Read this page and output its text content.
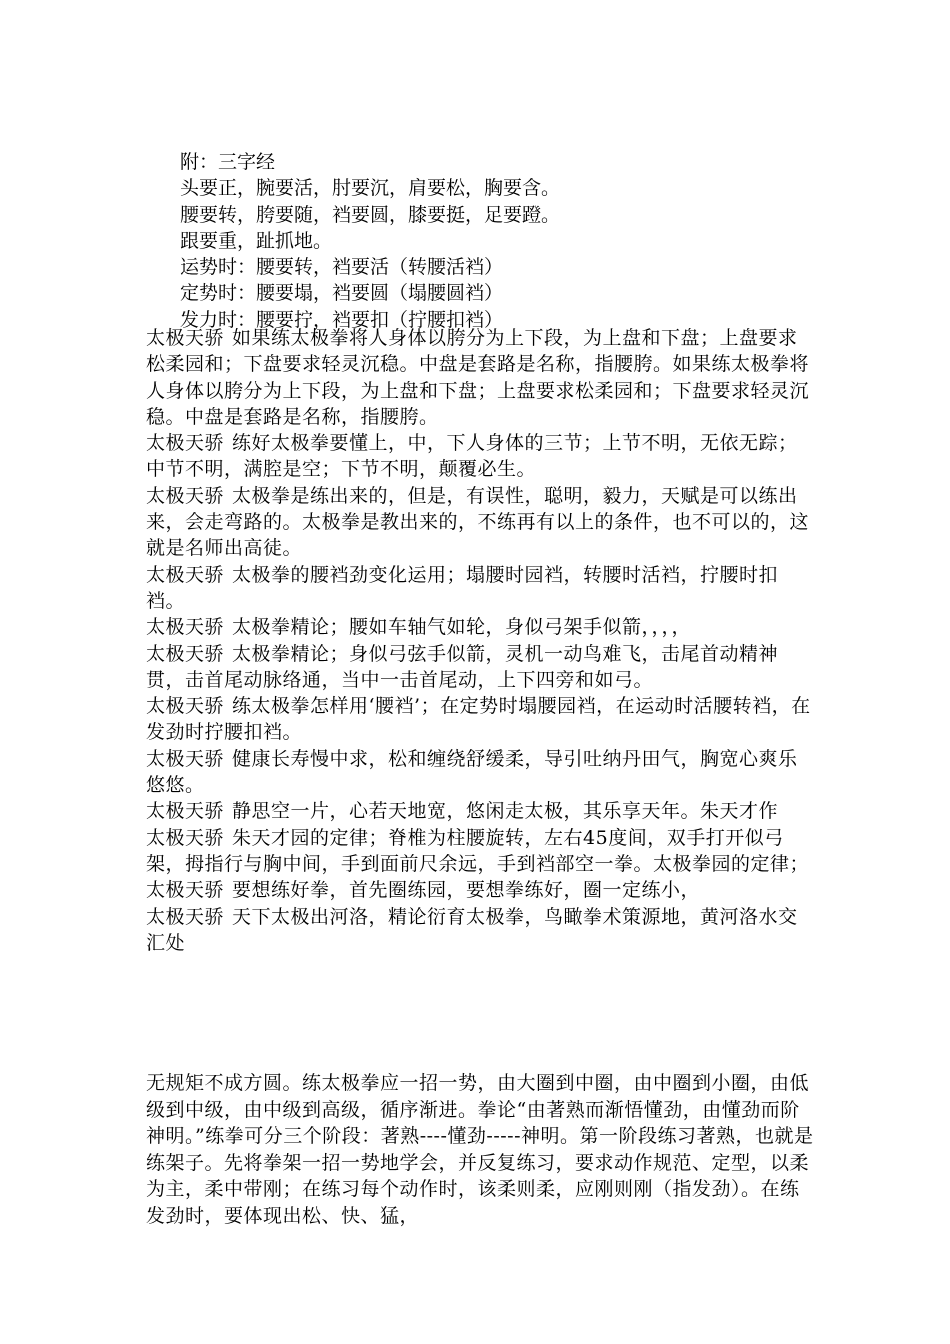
附：三字经
头要正，腕要活，肘要沉，肩要松，胸要含。
腰要转，胯要随，裆要圆，膝要挺，足要蹬。
跟要重，趾抓地。
运势时：腰要转，裆要活（转腰活裆）
定势时：腰要塌，裆要圆（塌腰圆裆）
发力时：腰要拧，裆要扣（拧腰扣裆）
太极天骄 如果练太极拳将人身体以胯分为上下段，为上盘和下盘；上盘要求松柔园和；下盘要求轻灵沉稳。中盘是套路是名称，指腰胯。如果练太极拳将人身体以胯分为上下段，为上盘和下盘；上盘要求松柔园和；下盘要求轻灵沉稳。中盘是套路是名称，指腰胯。
太极天骄 练好太极拳要懂上，中，下人身体的三节；上节不明，无依无踪；中节不明，满腔是空；下节不明，颠覆必生。
太极天骄 太极拳是练出来的，但是，有误性，聪明，毅力，天赋是可以练出来，会走弯路的。太极拳是教出来的，不练再有以上的条件，也不可以的，这就是名师出高徒。
太极天骄 太极拳的腰裆劲变化运用；塌腰时园裆，转腰时活裆，拧腰时扣裆。
太极天骄 太极拳精论；腰如车轴气如轮，身似弓架手似箭，，，，
太极天骄 太极拳精论；身似弓弦手似箭，灵机一动鸟难飞，击尾首动精神贯，击首尾动脉络通，当中一击首尾动，上下四旁和如弓。
太极天骄 练太极拳怎样用‘腰裆’；在定势时塌腰园裆，在运动时活腰转裆，在发劲时拧腰扣裆。
太极天骄 健康长寿慢中求，松和缠绕舒缓柔，导引吐纳丹田气，胸宽心爽乐悠悠。
太极天骄 静思空一片，心若天地宽，悠闲走太极，其乐享天年。朱天才作
太极天骄 朱天才园的定律；脊椎为柱腰旋转，左右45度间，双手打开似弓架，拇指行与胸中间，手到面前尺余远，手到裆部空一拳。太极拳园的定律；
太极天骄 要想练好拳，首先圈练园，要想拳练好，圈一定练小，
太极天骄 天下太极出河洛，精论衍育太极拳，鸟瞰拳术策源地，黄河洛水交汇处
无规矩不成方圆。练太极拳应一招一势，由大圈到中圈，由中圈到小圈，由低级到中级，由中级到高级，循序渐进。拳论“由著熟而渐悟懂劲，由懂劲而阶神明。”练拳可分三个阶段：著熟----懂劲-----神明。第一阶段练习著熟，也就是练架子。先将拳架一招一势地学会，并反复练习，要求动作规范、定型，以柔为主，柔中带刚；在练习每个动作时，该柔则柔，应刚则刚（指发劲）。在练发劲时，要体现出松、快、猛，
